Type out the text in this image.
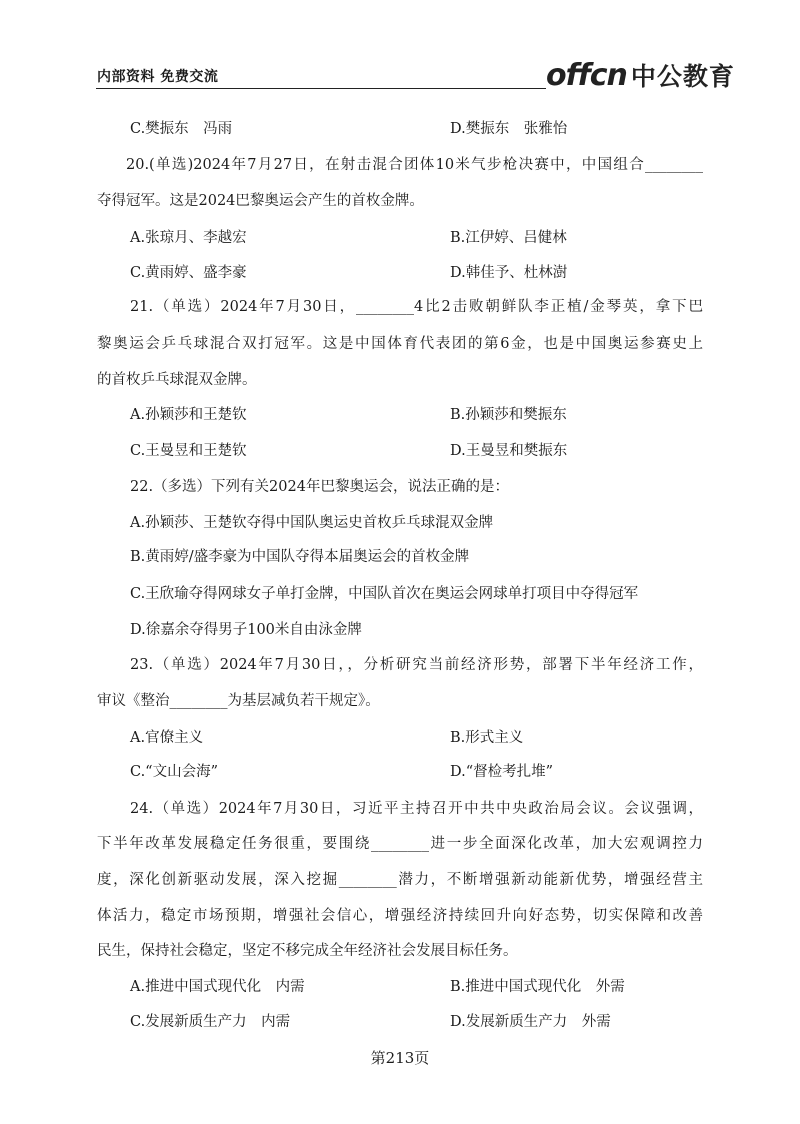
内部资料 免费交流	offcn 中公教育
C.樊振东　冯雨	D.樊振东　张雅怡
20.(单选)2024年7月27日，在射击混合团体10米气步枪决赛中，中国组合________
夺得冠军。这是2024巴黎奥运会产生的首枚金牌。
A.张琼月、李越宏	B.江伊婷、吕健林
C.黄雨婷、盛李豪	D.韩佳予、杜林澍
21.（单选）2024年7月30日，________4比2击败朝鲜队李正植/金琴英，拿下巴
黎奥运会乒乓球混合双打冠军。这是中国体育代表团的第6金，也是中国奥运参赛史上
的首枚乒乓球混双金牌。
A.孙颖莎和王楚钦	B.孙颖莎和樊振东
C.王曼昱和王楚钦	D.王曼昱和樊振东
22.（多选）下列有关2024年巴黎奥运会，说法正确的是：
A.孙颖莎、王楚钦夺得中国队奥运史首枚乒乓球混双金牌
B.黄雨婷/盛李豪为中国队夺得本届奥运会的首枚金牌
C.王欣瑜夺得网球女子单打金牌，中国队首次在奥运会网球单打项目中夺得冠军
D.徐嘉余夺得男子100米自由泳金牌
23.（单选）2024年7月30日，，分析研究当前经济形势，部署下半年经济工作，
审议《整治________为基层减负若干规定》。
A.官僚主义	B.形式主义
C.“文山会海”	D.“督检考扎堆”
24.（单选）2024年7月30日，习近平主持召开中共中央政治局会议。会议强调，
下半年改革发展稳定任务很重，要围绕________进一步全面深化改革，加大宏观调控力
度，深化创新驱动发展，深入挖掘________潜力，不断增强新动能新优势，增强经营主
体活力，稳定市场预期，增强社会信心，增强经济持续回升向好态势，切实保障和改善
民生，保持社会稳定，坚定不移完成全年经济社会发展目标任务。
A.推进中国式现代化　内需	B.推进中国式现代化　外需
C.发展新质生产力　内需	D.发展新质生产力　外需
第213页
